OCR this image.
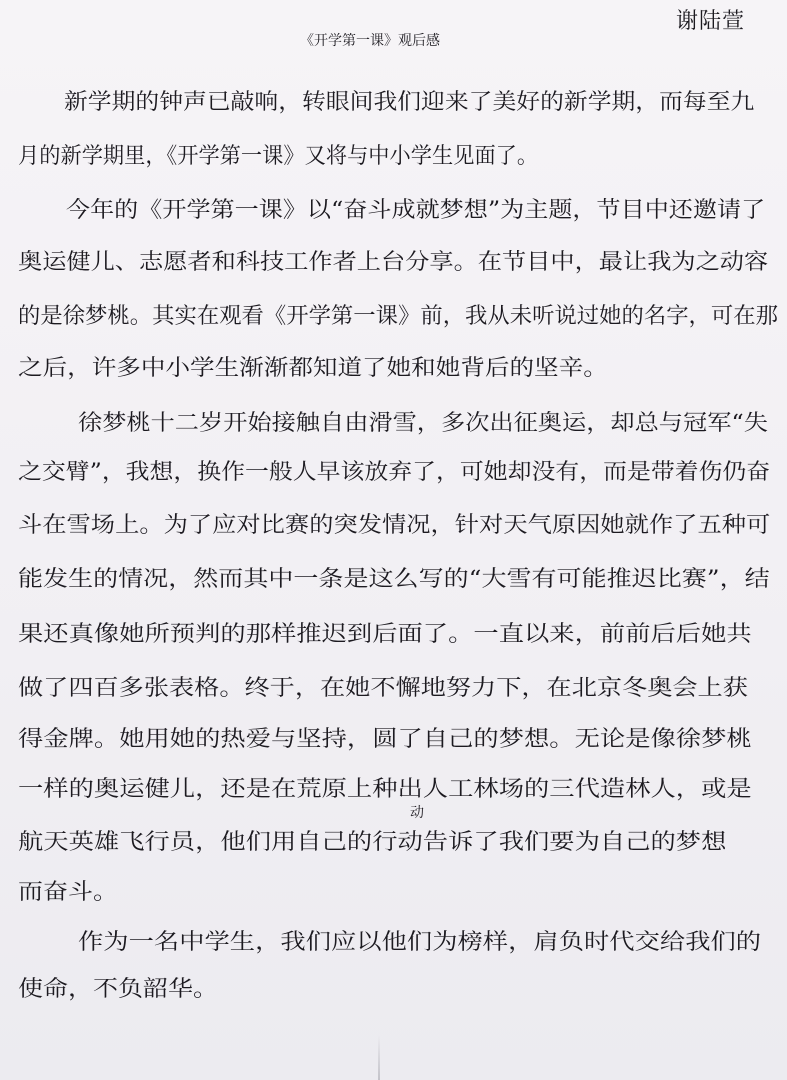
谢陆萱
《开学第一课》观后感
新学期的钟声已敲响，转眼间我们迎来了美好的新学期，而每至九
月的新学期里，《开学第一课》又将与中小学生见面了。
今年的《开学第一课》以“奋斗成就梦想”为主题，节目中还邀请了
奥运健儿、志愿者和科技工作者上台分享。在节目中，最让我为之动容
的是徐梦桃。其实在观看《开学第一课》前，我从未听说过她的名字，可在那
之后，许多中小学生渐渐都知道了她和她背后的坚辛。
徐梦桃十二岁开始接触自由滑雪，多次出征奥运，却总与冠军“失
之交臂”，我想，换作一般人早该放弃了，可她却没有，而是带着伤仍奋
斗在雪场上。为了应对比赛的突发情况，针对天气原因她就作了五种可
能发生的情况，然而其中一条是这么写的“大雪有可能推迟比赛”，结
果还真像她所预判的那样推迟到后面了。一直以来，前前后后她共
做了四百多张表格。终于，在她不懈地努力下，在北京冬奥会上获
得金牌。她用她的热爱与坚持，圆了自己的梦想。无论是像徐梦桃
一样的奥运健儿，还是在荒原上种出人工林场的三代造林人，或是
航天英雄飞行员，他们用自己的行动告诉了我们要为自己的梦想
而奋斗。
作为一名中学生，我们应以他们为榜样，肩负时代交给我们的
使命，不负韶华。
动
